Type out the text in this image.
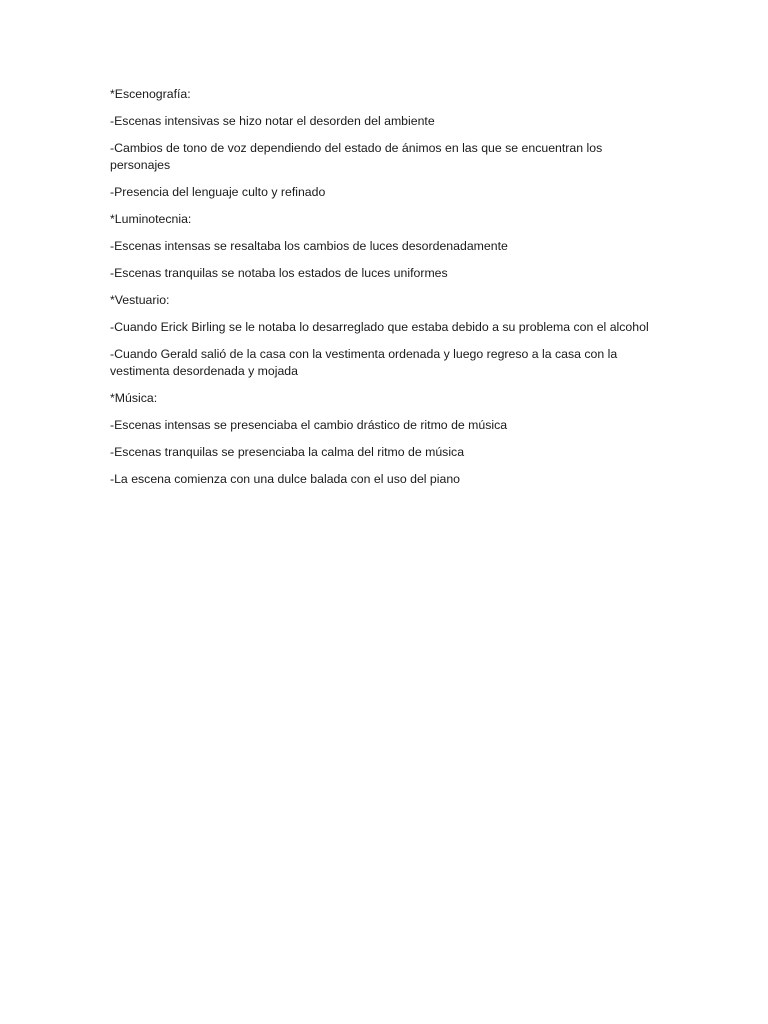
*Escenografía:

-Escenas intensivas se hizo notar el desorden del ambiente

-Cambios de tono de voz dependiendo del estado de ánimos en las que se encuentran los personajes

-Presencia del lenguaje culto y refinado

*Luminotecnia:

-Escenas intensas se resaltaba los cambios de luces desordenadamente

-Escenas tranquilas se notaba los estados de luces uniformes

*Vestuario:

-Cuando Erick Birling se le notaba lo desarreglado que estaba debido a su problema con el alcohol

-Cuando Gerald salió de la casa con la vestimenta ordenada y luego regreso a la casa con la vestimenta desordenada y mojada

*Música:

-Escenas intensas se presenciaba el cambio drástico de ritmo de música

-Escenas tranquilas se presenciaba la calma del ritmo de música

-La escena comienza con una dulce balada con el uso del piano
